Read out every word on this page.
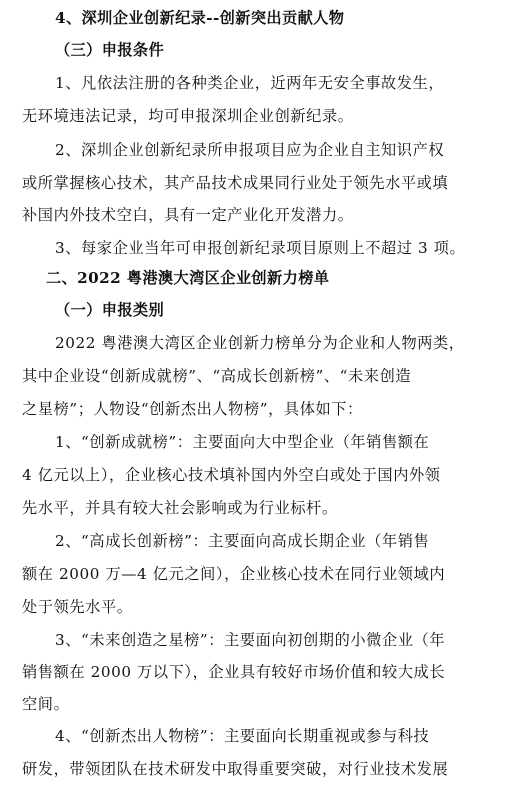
4、深圳企业创新纪录--创新突出贡献人物
（三）申报条件
1、凡依法注册的各种类企业，近两年无安全事故发生，
无环境违法记录，均可申报深圳企业创新纪录。
2、深圳企业创新纪录所申报项目应为企业自主知识产权
或所掌握核心技术，其产品技术成果同行业处于领先水平或填
补国内外技术空白，具有一定产业化开发潜力。
3、每家企业当年可申报创新纪录项目原则上不超过 3 项。
二、2022 粤港澳大湾区企业创新力榜单
（一）申报类别
2022 粤港澳大湾区企业创新力榜单分为企业和人物两类，
其中企业设“创新成就榜”、“高成长创新榜”、“未来创造
之星榜”；人物设“创新杰出人物榜”，具体如下：
1、“创新成就榜”：主要面向大中型企业（年销售额在
4 亿元以上），企业核心技术填补国内外空白或处于国内外领
先水平，并具有较大社会影响或为行业标杆。
2、“高成长创新榜”：主要面向高成长期企业（年销售
额在 2000 万—4 亿元之间），企业核心技术在同行业领域内
处于领先水平。
3、“未来创造之星榜”：主要面向初创期的小微企业（年
销售额在 2000 万以下），企业具有较好市场价值和较大成长
空间。
4、“创新杰出人物榜”：主要面向长期重视或参与科技
研发，带领团队在技术研发中取得重要突破，对行业技术发展
